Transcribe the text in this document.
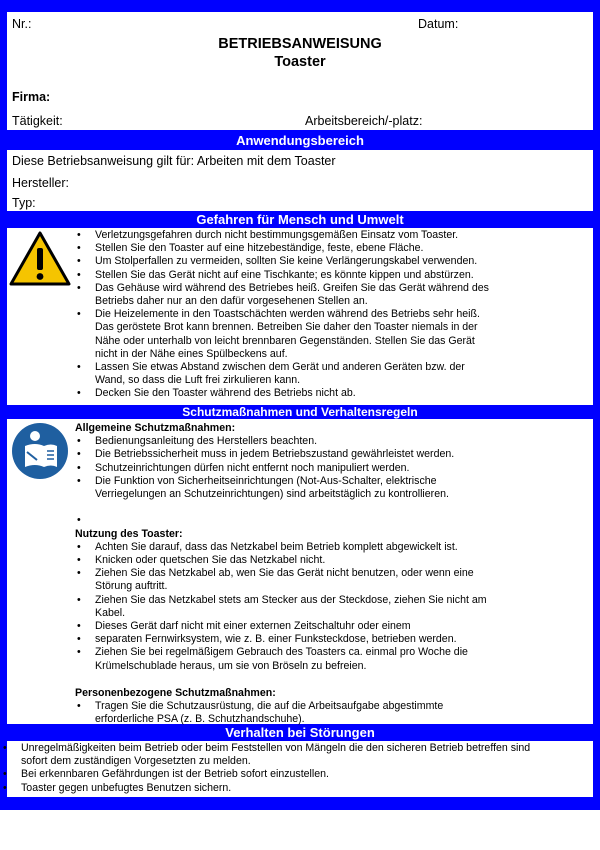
Nr.:	Datum:
BETRIEBSANWEISUNG
Toaster
Firma:
Tätigkeit:	Arbeitsbereich/-platz:
Anwendungsbereich
Diese Betriebsanweisung gilt für: Arbeiten mit dem Toaster
Hersteller:
Typ:
Gefahren für Mensch und Umwelt
• Verletzungsgefahren durch nicht bestimmungsgemäßen Einsatz vom Toaster.
• Stellen Sie den Toaster auf eine hitzebeständige, feste, ebene Fläche.
• Um Stolperfallen zu vermeiden, sollten Sie keine Verlängerungskabel verwenden.
• Stellen Sie das Gerät nicht auf eine Tischkante; es könnte kippen und abstürzen.
• Das Gehäuse wird während des Betriebes heiß. Greifen Sie das Gerät während des
Betriebs daher nur an den dafür vorgesehenen Stellen an.
• Die Heizelemente in den Toastschächten werden während des Betriebs sehr heiß.
Das geröstete Brot kann brennen. Betreiben Sie daher den Toaster niemals in der
Nähe oder unterhalb von leicht brennbaren Gegenständen. Stellen Sie das Gerät
nicht in der Nähe eines Spülbeckens auf.
• Lassen Sie etwas Abstand zwischen dem Gerät und anderen Geräten bzw. der
Wand, so dass die Luft frei zirkulieren kann.
• Decken Sie den Toaster während des Betriebs nicht ab.
Schutzmaßnahmen und Verhaltensregeln
Allgemeine Schutzmaßnahmen:
• Bedienungsanleitung des Herstellers beachten.
• Die Betriebssicherheit muss in jedem Betriebszustand gewährleistet werden.
• Schutzeinrichtungen dürfen nicht entfernt noch manipuliert werden.
• Die Funktion von Sicherheitseinrichtungen (Not-Aus-Schalter, elektrische
Verriegelungen an Schutzeinrichtungen) sind arbeitstäglich zu kontrollieren.
•
Nutzung des Toaster:
• Achten Sie darauf, dass das Netzkabel beim Betrieb komplett abgewickelt ist.
• Knicken oder quetschen Sie das Netzkabel nicht.
• Ziehen Sie das Netzkabel ab, wen Sie das Gerät nicht benutzen, oder wenn eine
Störung auftritt.
• Ziehen Sie das Netzkabel stets am Stecker aus der Steckdose, ziehen Sie nicht am
Kabel.
• Dieses Gerät darf nicht mit einer externen Zeitschaltuhr oder einem
• separaten Fernwirksystem, wie z. B. einer Funksteckdose, betrieben werden.
• Ziehen Sie bei regelmäßigem Gebrauch des Toasters ca. einmal pro Woche die
Krümelschublade heraus, um sie von Bröseln zu befreien.
Personenbezogene Schutzmaßnahmen:
• Tragen Sie die Schutzausrüstung, die auf die Arbeitsaufgabe abgestimmte
erforderliche PSA (z. B. Schutzhandschuhe).
Verhalten bei Störungen
• Unregelmäßigkeiten beim Betrieb oder beim Feststellen von Mängeln die den sicheren Betrieb betreffen sind
sofort dem zuständigen Vorgesetzten zu melden.
• Bei erkennbaren Gefährdungen ist der Betrieb sofort einzustellen.
• Toaster gegen unbefugtes Benutzen sichern.
